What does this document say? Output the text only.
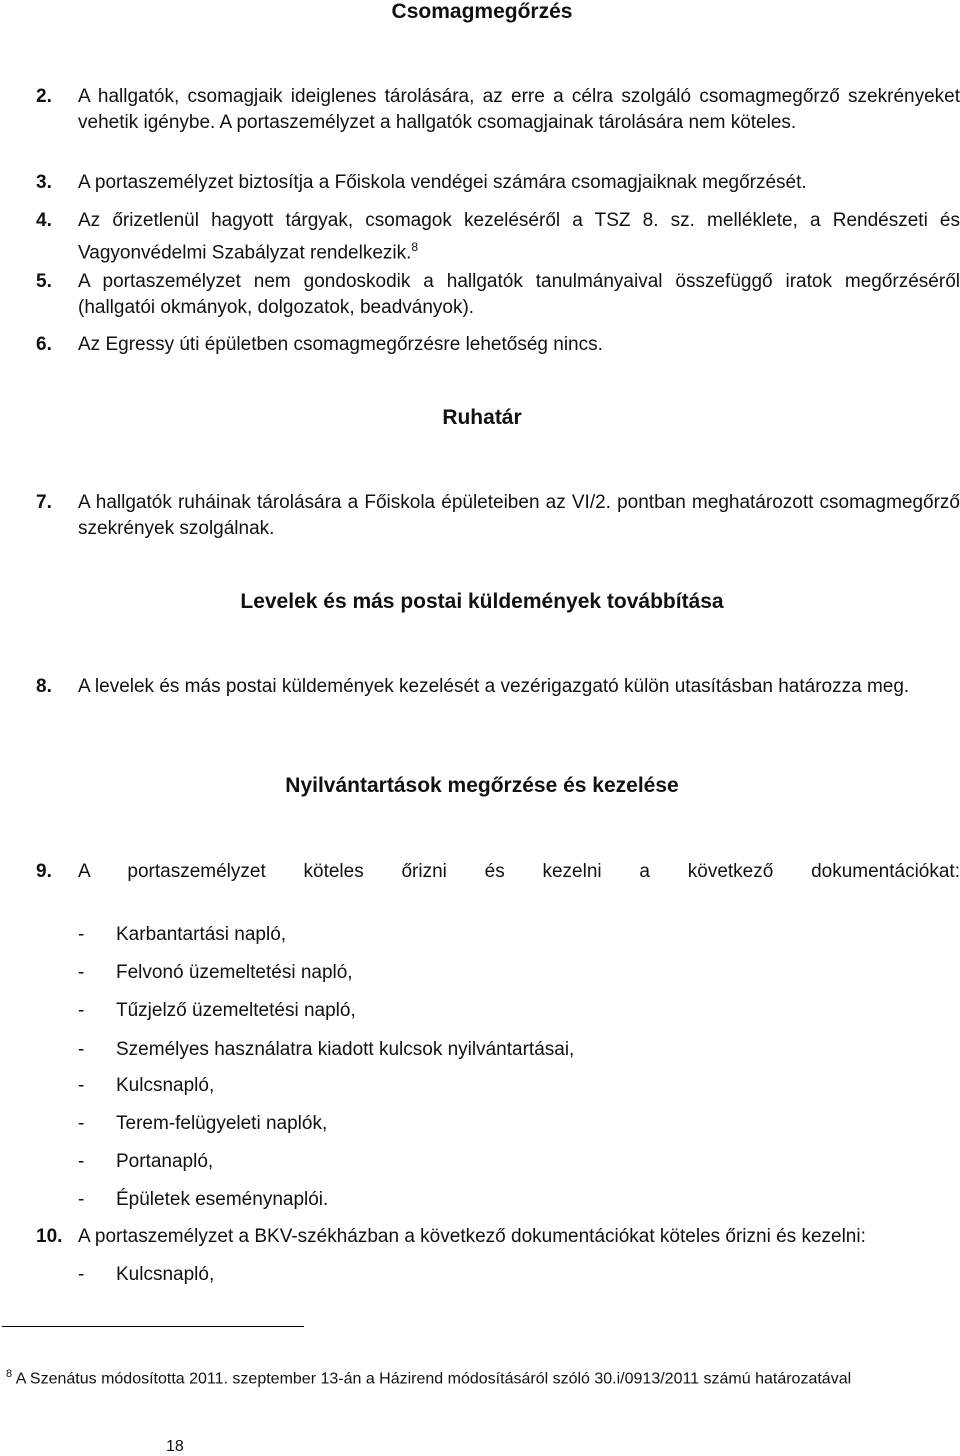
Csomagmegőrzés
2. A hallgatók, csomagjaik ideiglenes tárolására, az erre a célra szolgáló csomagmegőrző szekrényeket vehetik igénybe. A portaszemélyzet a hallgatók csomagjainak tárolására nem köteles.
3. A portaszemélyzet biztosítja a Főiskola vendégei számára csomagjaiknak megőrzését.
4. Az őrizetlenül hagyott tárgyak, csomagok kezeléséről a TSZ 8. sz. melléklete, a Rendészeti és Vagyonvédelmi Szabályzat rendelkezik.$^8$
5. A portaszemélyzet nem gondoskodik a hallgatók tanulmányaival összefüggő iratok megőrzéséről (hallgatói okmányok, dolgozatok, beadványok).
6. Az Egressy úti épületben csomagmegőrzésre lehetőség nincs.
Ruhatár
7. A hallgatók ruháinak tárolására a Főiskola épületeiben az VI/2. pontban meghatározott csomagmegőrző szekrények szolgálnak.
Levelek és más postai küldemények továbbítása
8. A levelek és más postai küldemények kezelését a vezérigazgató külön utasításban határozza meg.
Nyilvántartások megőrzése és kezelése
9. A portaszemélyzet köteles őrizni és kezelni a következő dokumentációkat:
- Karbantartási napló,
- Felvonó üzemeltetési napló,
- Tűzjelző üzemeltetési napló,
- Személyes használatra kiadott kulcsok nyilvántartásai,
- Kulcsnapló,
- Terem-felügyeleti naplók,
- Portanapló,
- Épületek eseménynaplói.
10. A portaszemélyzet a BKV-székházban a következő dokumentációkat köteles őrizni és kezelni:
- Kulcsnapló,
$^8$ A Szenátus módosította 2011. szeptember 13-án a Házirend módosításáról szóló 30.i/0913/2011 számú határozatával
18
